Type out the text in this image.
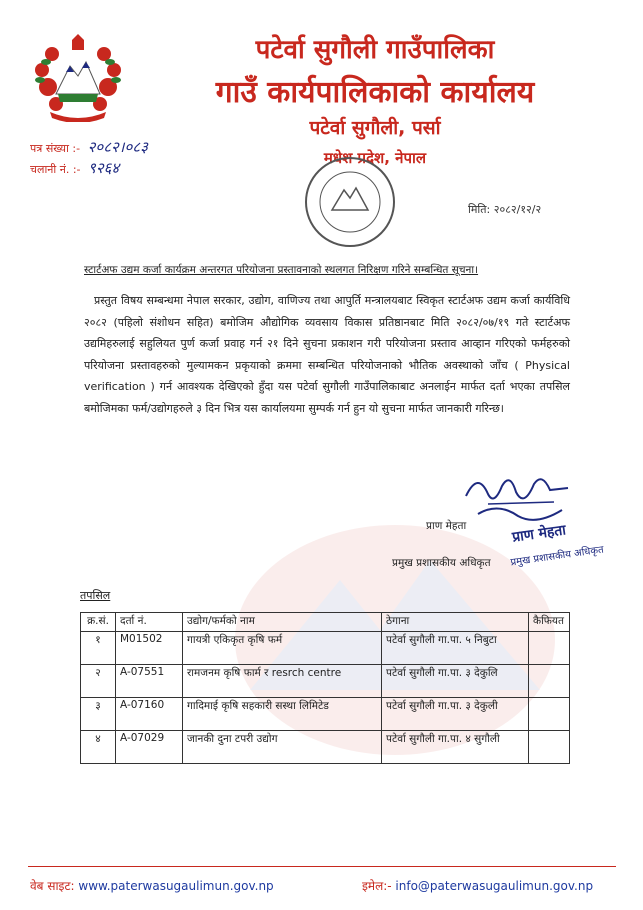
पटेर्वा सुगौली गाउँपालिका
गाउँ कार्यपालिकाको कार्यालय
पटेर्वा सुगौली, पर्सा
मधेश प्रदेश, नेपाल
पत्र संख्या :- २०८२।०८३
चलानी नं. :- ९२६४
मिति: २०८२/१२/२
स्टार्टअफ उद्यम कर्जा कार्यक्रम अन्तरगत परियोजना प्रस्तावनाको स्थलगत निरिक्षण गरिने सम्बन्धित सूचना।
प्रस्तुत विषय सम्बन्धमा नेपाल सरकार, उद्योग, वाणिज्य तथा आपुर्ति मन्त्रालयबाट स्विकृत स्टार्टअफ उद्यम कर्जा कार्यविधि २०८२ (पहिलो संशोधन सहित) बमोजिम औद्योगिक व्यवसाय विकास प्रतिष्ठानबाट मिति २०८२/०७/१९ गते स्टार्टअफ उद्यमिहरुलाई सहुलियत पुर्ण कर्जा प्रवाह गर्न २१ दिने सुचना प्रकाशन गरी परियोजना प्रस्ताव आव्हान गरिएको फर्महरुको परियोजना प्रस्तावहरुको मुल्यामकन प्रकृयाको क्रममा सम्बन्धित परियोजनाको भौतिक अवस्थाको जाँच ( Physical verification ) गर्न आवश्यक देखिएको हुँदा यस पटेर्वा सुगौली गाउँपालिकाबाट अनलाईन मार्फत दर्ता भएका तपसिल बमोजिमका फर्म/उद्योगहरुले ३ दिन भित्र यस कार्यालयमा सुम्पर्क गर्न हुन यो सुचना मार्फत जानकारी गरिन्छ।
प्राण मेहता	प्राण मेहता
प्रमुख प्रशासकीय अधिकृत
प्रमुख प्रशासकीय अधिकृत
तपसिल
क्र.सं.	दर्ता नं.	उद्योग/फर्मको नाम	ठेगाना	कैफियत
१	M01502	गायत्री एकिकृत कृषि फर्म	पटेर्वा सुगौली गा.पा. ५ निबुटा	
२	A-07551	रामजनम कृषि फार्म र resrch centre	पटेर्वा सुगौली गा.पा. ३ देकुलि	
३	A-07160	गादिमाई कृषि सहकारी सस्था लिमिटेड	पटेर्वा सुगौली गा.पा. ३ देकुली	
४	A-07029	जानकी दुना टपरी उद्योग	पटेर्वा सुगौली गा.पा. ४ सुगौली	
वेब साइट: www.paterwasugaulimun.gov.np	इमेल:- info@paterwasugaulimun.gov.np
